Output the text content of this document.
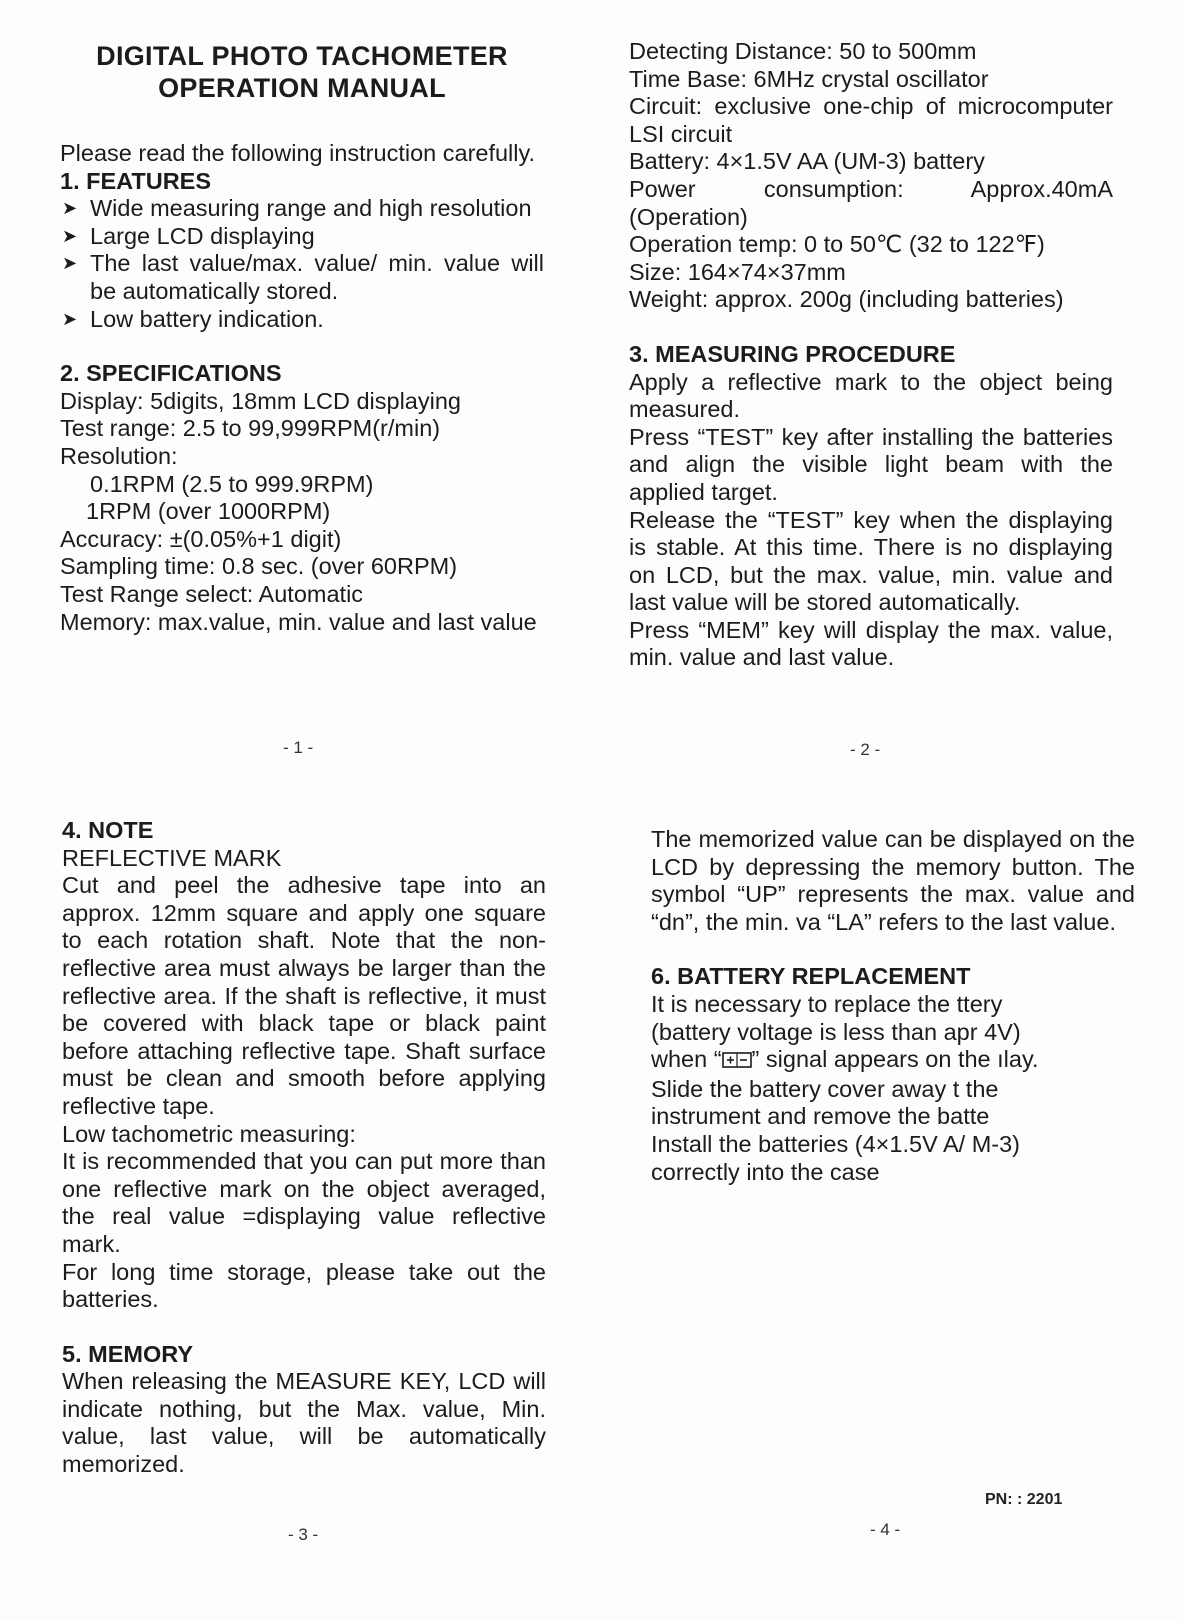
DIGITAL PHOTO TACHOMETER
OPERATION MANUAL

Please read the following instruction carefully.

1. FEATURES

➤ Wide measuring range and high resolution
➤ Large LCD displaying
➤ The last value/max. value/ min. value will be automatically stored.
➤ Low battery indication.

2. SPECIFICATIONS

Display: 5digits, 18mm LCD displaying

Test range: 2.5 to 99,999RPM(r/min)

Resolution:

0.1RPM (2.5 to 999.9RPM)

1RPM (over 1000RPM)

Accuracy: ±(0.05%+1 digit)

Sampling time: 0.8 sec. (over 60RPM)

Test Range select: Automatic

Memory: max.value, min. value and last value

- 1 -

Detecting Distance: 50 to 500mm

Time Base: 6MHz crystal oscillator

Circuit: exclusive one-chip of microcomputer LSI circuit

Battery: 4×1.5V AA (UM-3) battery

Power consumption: Approx.40mA (Operation)

Operation temp: 0 to 50℃ (32 to 122℉)

Size: 164×74×37mm

Weight: approx. 200g (including batteries)

3. MEASURING PROCEDURE

Apply a reflective mark to the object being measured.

Press “TEST” key after installing the batteries and align the visible light beam with the applied target.

Release the “TEST” key when the displaying is stable. At this time. There is no displaying on LCD, but the max. value, min. value and last value will be stored automatically.

Press “MEM” key will display the max. value, min. value and last value.

- 2 -

4. NOTE

REFLECTIVE MARK

Cut and peel the adhesive tape into an approx. 12mm square and apply one square to each rotation shaft. Note that the non- reflective area must always be larger than the reflective area. If the shaft is reflective, it must be covered with black tape or black paint before attaching reflective tape. Shaft surface must be clean and smooth before applying reflective tape.

Low tachometric measuring:

It is recommended that you can put more than one reflective mark on the object averaged, the real value =displaying value reflective mark.

For long time storage, please take out the batteries.

5. MEMORY

When releasing the MEASURE KEY, LCD will indicate nothing, but the Max. value, Min. value, last value, will be automatically memorized.

- 3 -

The memorized value can be displayed on the LCD by depressing the memory button. The symbol “UP” represents the max. value and “dn”, the min. va “LA” refers to the last value.

6. BATTERY REPLACEMENT

It is necessary to replace the ttery

(battery voltage is less than apr 4V)

when “ ” signal appears on the ılay.

Slide the battery cover away t the

instrument and remove the batte

Install the batteries (4×1.5V A/ M-3)

correctly into the case

PN: : 2201
- 4 -
